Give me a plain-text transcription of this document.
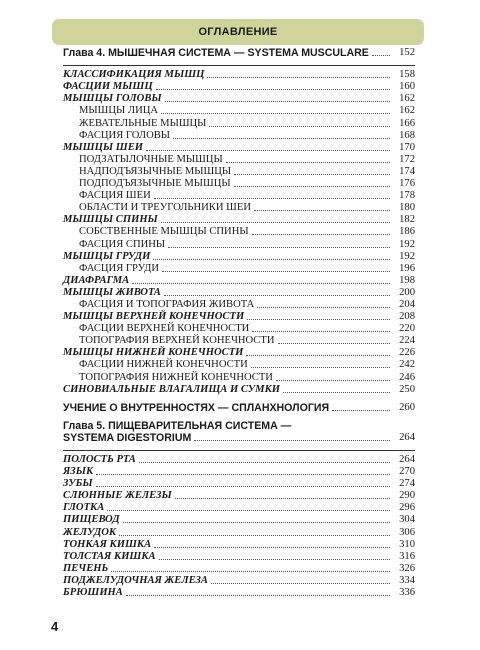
ОГЛАВЛЕНИЕ
Глава 4. МЫШЕЧНАЯ СИСТЕМА — SYSTEMA MUSCULARE	152
КЛАССИФИКАЦИЯ МЫШЦ	158
ФАСЦИИ МЫШЦ	160
МЫШЦЫ ГОЛОВЫ	162
МЫШЦЫ ЛИЦА	162
ЖЕВАТЕЛЬНЫЕ МЫШЦЫ	166
ФАСЦИЯ ГОЛОВЫ	168
МЫШЦЫ ШЕИ	170
ПОДЗАТЫЛОЧНЫЕ МЫШЦЫ	172
НАДПОДЪЯЗЫЧНЫЕ МЫШЦЫ	174
ПОДПОДЪЯЗЫЧНЫЕ МЫШЦЫ	176
ФАСЦИЯ ШЕИ	178
ОБЛАСТИ И ТРЕУГОЛЬНИКИ ШЕИ	180
МЫШЦЫ СПИНЫ	182
СОБСТВЕННЫЕ МЫШЦЫ СПИНЫ	186
ФАСЦИЯ СПИНЫ	192
МЫШЦЫ ГРУДИ	192
ФАСЦИЯ ГРУДИ	196
ДИАФРАГМА	198
МЫШЦЫ ЖИВОТА	200
ФАСЦИЯ И ТОПОГРАФИЯ ЖИВОТА	204
МЫШЦЫ ВЕРХНЕЙ КОНЕЧНОСТИ	208
ФАСЦИИ ВЕРХНЕЙ КОНЕЧНОСТИ	220
ТОПОГРАФИЯ ВЕРХНЕЙ КОНЕЧНОСТИ	224
МЫШЦЫ НИЖНЕЙ КОНЕЧНОСТИ	226
ФАСЦИИ НИЖНЕЙ КОНЕЧНОСТИ	242
ТОПОГРАФИЯ НИЖНЕЙ КОНЕЧНОСТИ	246
СИНОВИАЛЬНЫЕ ВЛАГАЛИЩА И СУМКИ	250
УЧЕНИЕ О ВНУТРЕННОСТЯХ — СПЛАНХНОЛОГИЯ	260
Глава 5. ПИЩЕВАРИТЕЛЬНАЯ СИСТЕМА —
SYSTEMA DIGESTORIUM	264
ПОЛОСТЬ РТА	264
ЯЗЫК	270
ЗУБЫ	274
СЛЮННЫЕ ЖЕЛЕЗЫ	290
ГЛОТКА	296
ПИЩЕВОД	304
ЖЕЛУДОК	306
ТОНКАЯ КИШКА	310
ТОЛСТАЯ КИШКА	316
ПЕЧЕНЬ	326
ПОДЖЕЛУДОЧНАЯ ЖЕЛЕЗА	334
БРЮШИНА	336
4
